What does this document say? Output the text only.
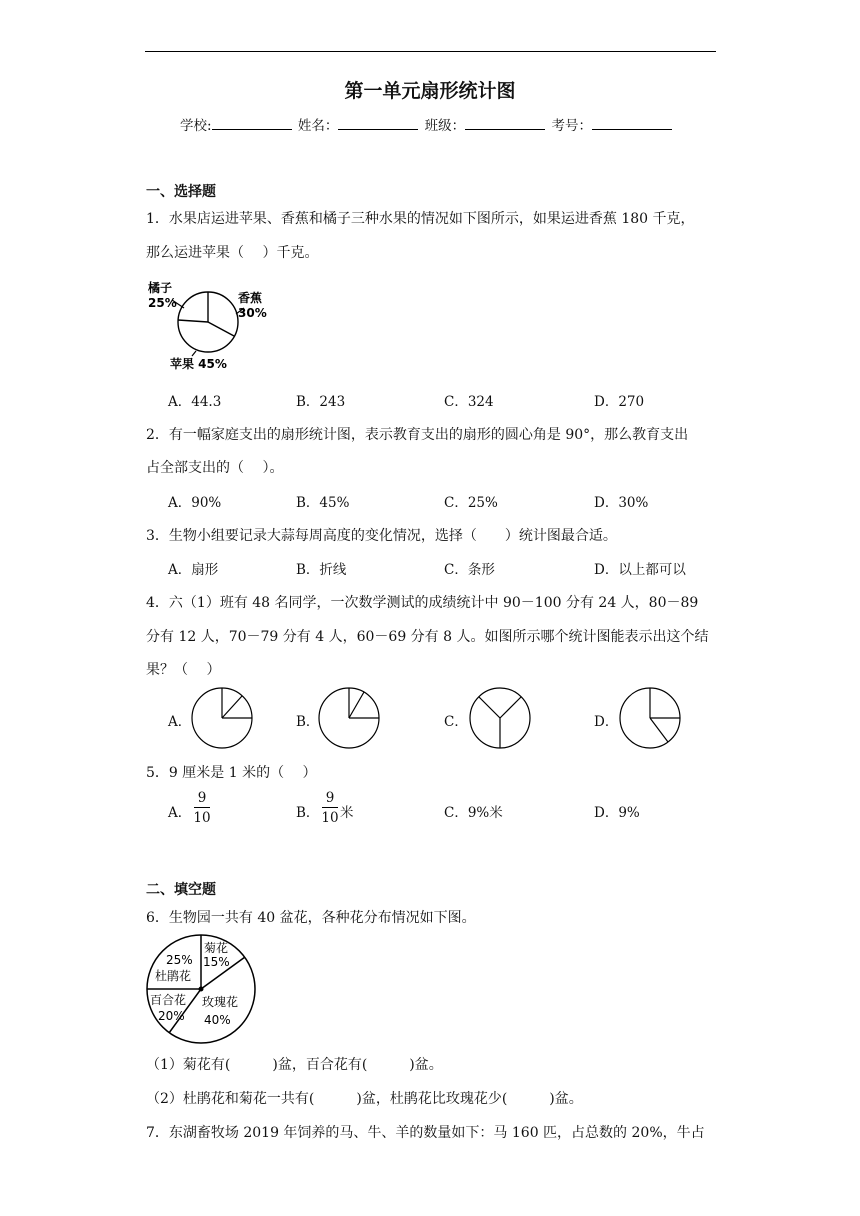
第一单元扇形统计图
学校:	姓名：	班级：	考号：
一、选择题
1．水果店运进苹果、香蕉和橘子三种水果的情况如下图所示，如果运进香蕉 180 千克，
那么运进苹果（　 ）千克。
橘子
25%	香蕉
30%
苹果 45%
A．44.3	B．243	C．324	D．270
2．有一幅家庭支出的扇形统计图，表示教育支出的扇形的圆心角是 90°，那么教育支出
占全部支出的（　 ）。
A．90%	B．45%	C．25%	D．30%
3．生物小组要记录大蒜每周高度的变化情况，选择（　　）统计图最合适。
A．扇形	B．折线	C．条形	D．以上都可以
4．六（1）班有 48 名同学，一次数学测试的成绩统计中 90－100 分有 24 人，80－89
分有 12 人，70－79 分有 4 人，60－69 分有 8 人。如图所示哪个统计图能表示出这个结
果？（　 ）
A．	B．	C．	D．
5．9 厘米是 1 米的（　 ）
A．
9
10	B．
9
10 米	C．9%米	D．9%
二、填空题
6．生物园一共有 40 盆花，各种花分布情况如下图。
菊花
15%
25%
杜鹃花
百合花
20%
玫瑰花
40%
（1）菊花有(　　　)盆，百合花有(　　　)盆。
（2）杜鹃花和菊花一共有(　　　)盆，杜鹃花比玫瑰花少(　　　)盆。
7．东湖畜牧场 2019 年饲养的马、牛、羊的数量如下：马 160 匹，占总数的 20%，牛占
